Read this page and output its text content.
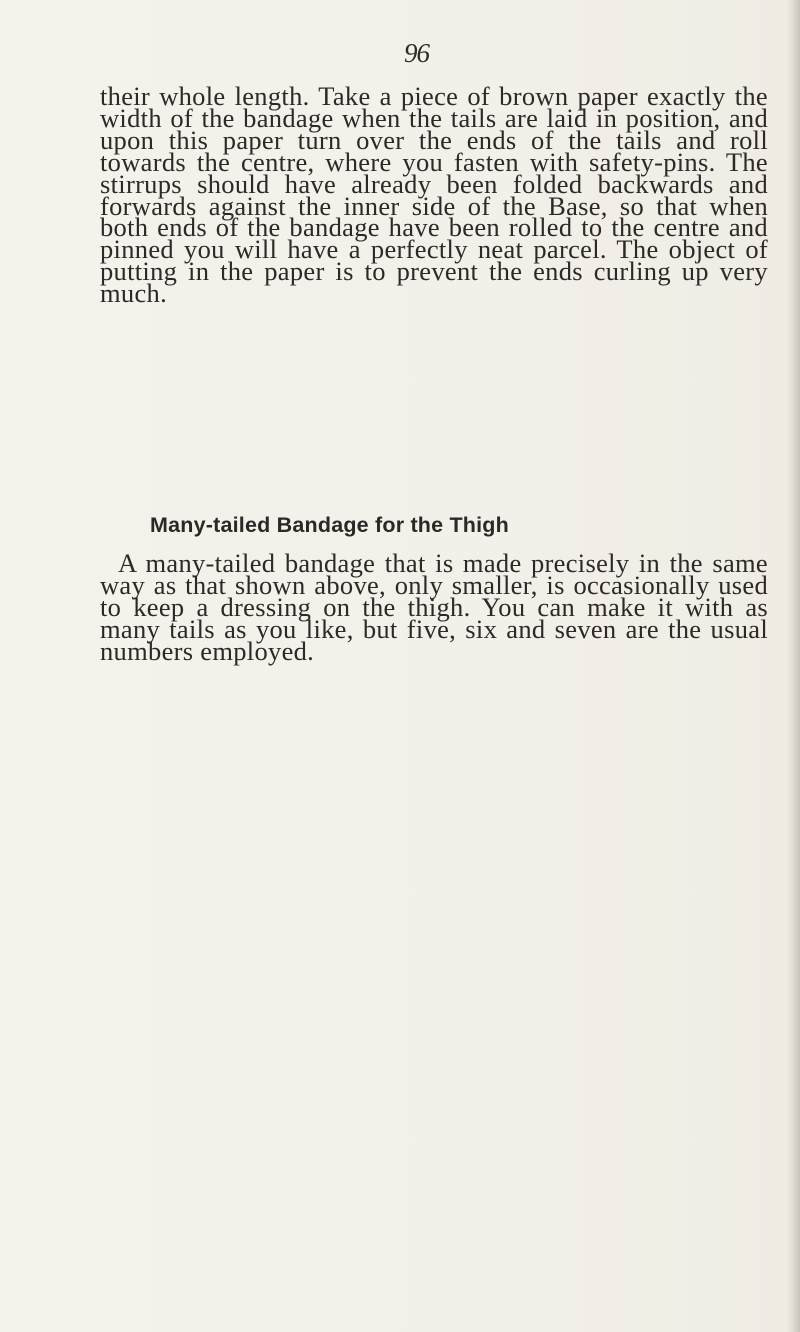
96

their whole length. Take a piece of brown paper exactly the width of the bandage when the tails are laid in position, and upon this paper turn over the ends of the tails and roll towards the centre, where you fasten with safety-pins. The stirrups should have already been folded backwards and forwards against the inner side of the Base, so that when both ends of the bandage have been rolled to the centre and pinned you will have a perfectly neat parcel. The object of putting in the paper is to prevent the ends curling up very much.

Many-tailed Bandage for the Thigh

A many-tailed bandage that is made precisely in the same way as that shown above, only smaller, is occasionally used to keep a dressing on the thigh. You can make it with as many tails as you like, but five, six and seven are the usual numbers employed.
